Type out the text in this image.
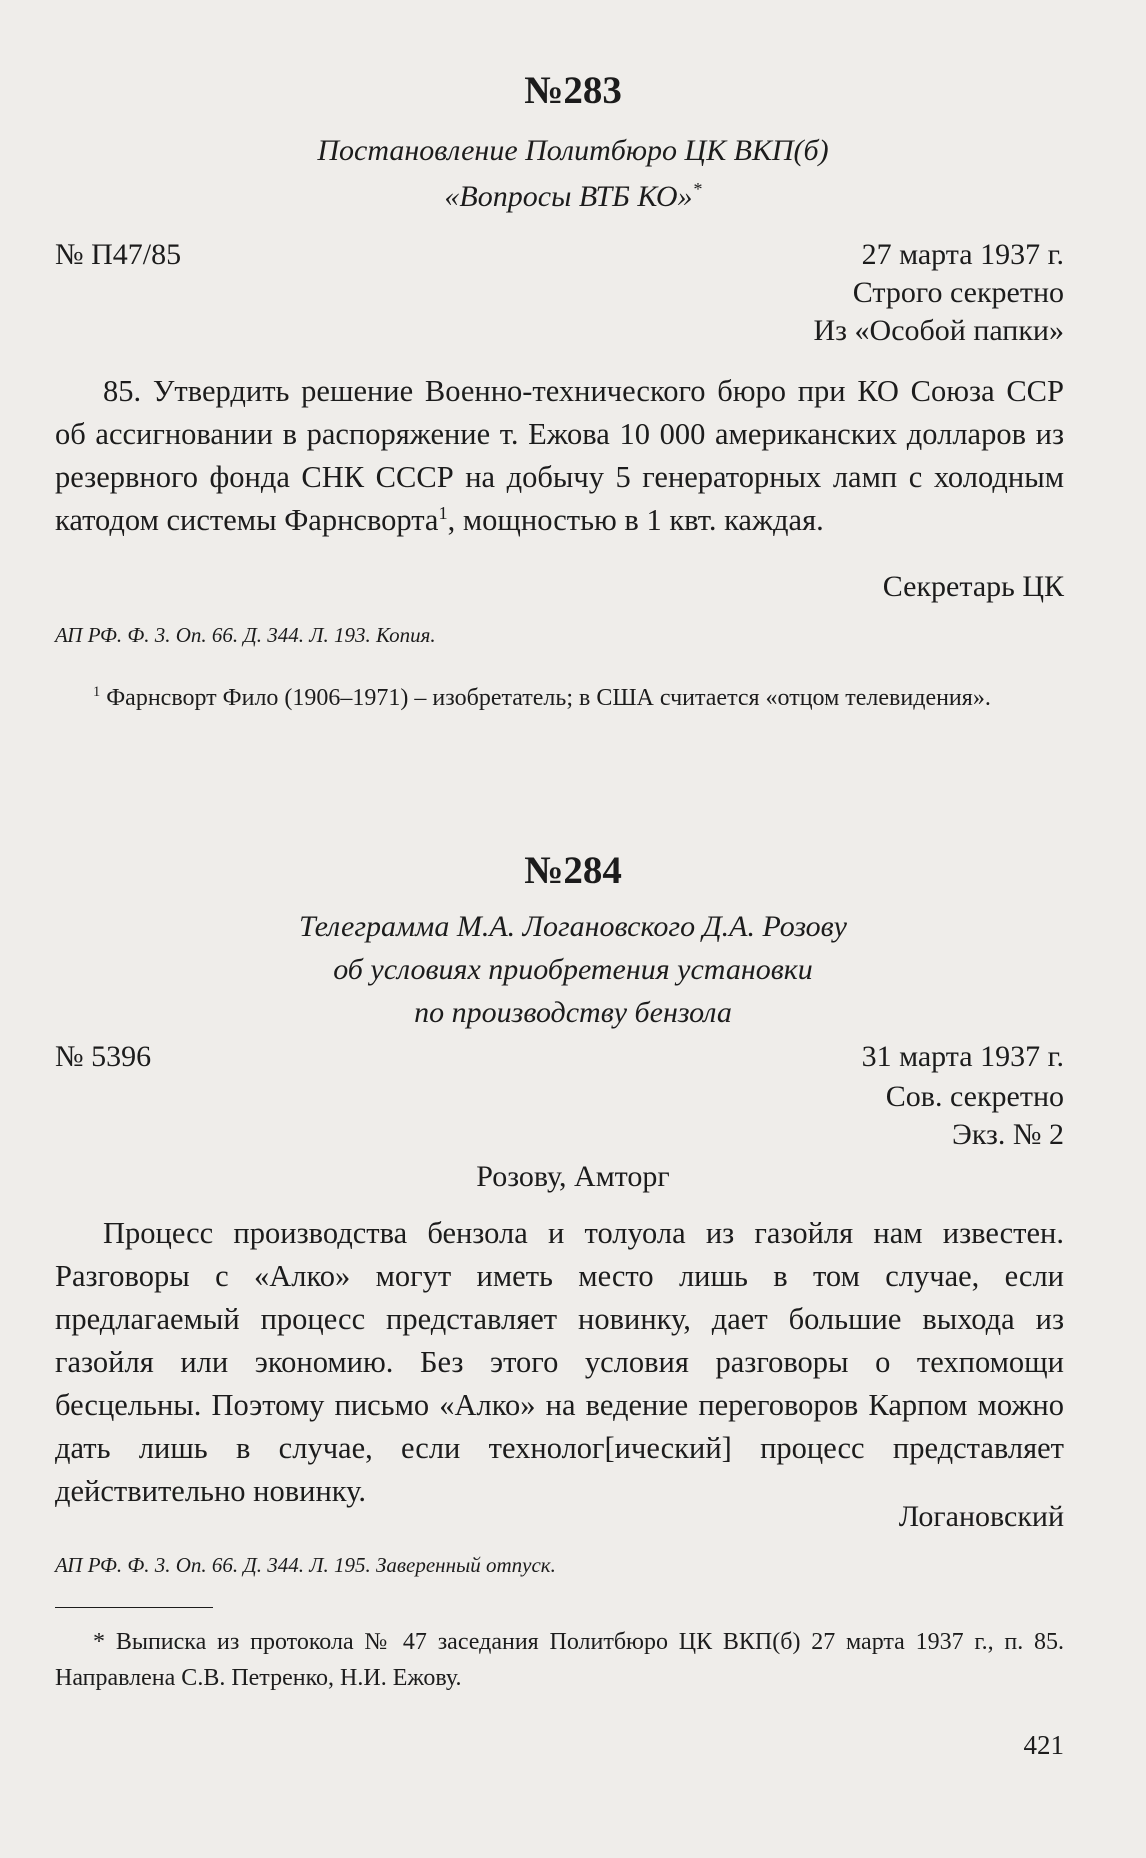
№283
Постановление Политбюро ЦК ВКП(б)
«Вопросы ВТБ КО»*
№ П47/85	27 марта 1937 г.
Строго секретно
Из «Особой папки»
85. Утвердить решение Военно-технического бюро при КО Союза ССР об ассигновании в распоряжение т. Ежова 10 000 американских долларов из резервного фонда СНК СССР на добычу 5 генераторных ламп с холодным катодом системы Фарнсворта$^1$, мощностью в 1 квт. каждая.
Секретарь ЦК
АП РФ. Ф. 3. Оп. 66. Д. 344. Л. 193. Копия.
$^1$ Фарнсворт Фило (1906–1971) – изобретатель; в США считается «отцом телевидения».
№284
Телеграмма М.А. Логановского Д.А. Розову
об условиях приобретения установки
по производству бензола
№ 5396	31 марта 1937 г.
Сов. секретно
Экз. № 2
Розову, Амторг
Процесс производства бензола и толуола из газойля нам известен. Разговоры с «Алко» могут иметь место лишь в том случае, если предлагаемый процесс представляет новинку, дает большие выхода из газойля или экономию. Без этого условия разговоры о техпомощи бесцельны. Поэтому письмо «Алко» на ведение переговоров Карпом можно дать лишь в случае, если технолог[ический] процесс представляет действительно новинку.
Логановский
АП РФ. Ф. 3. Оп. 66. Д. 344. Л. 195. Заверенный отпуск.
* Выписка из протокола № 47 заседания Политбюро ЦК ВКП(б) 27 марта 1937 г., п. 85. Направлена С.В. Петренко, Н.И. Ежову.
421
